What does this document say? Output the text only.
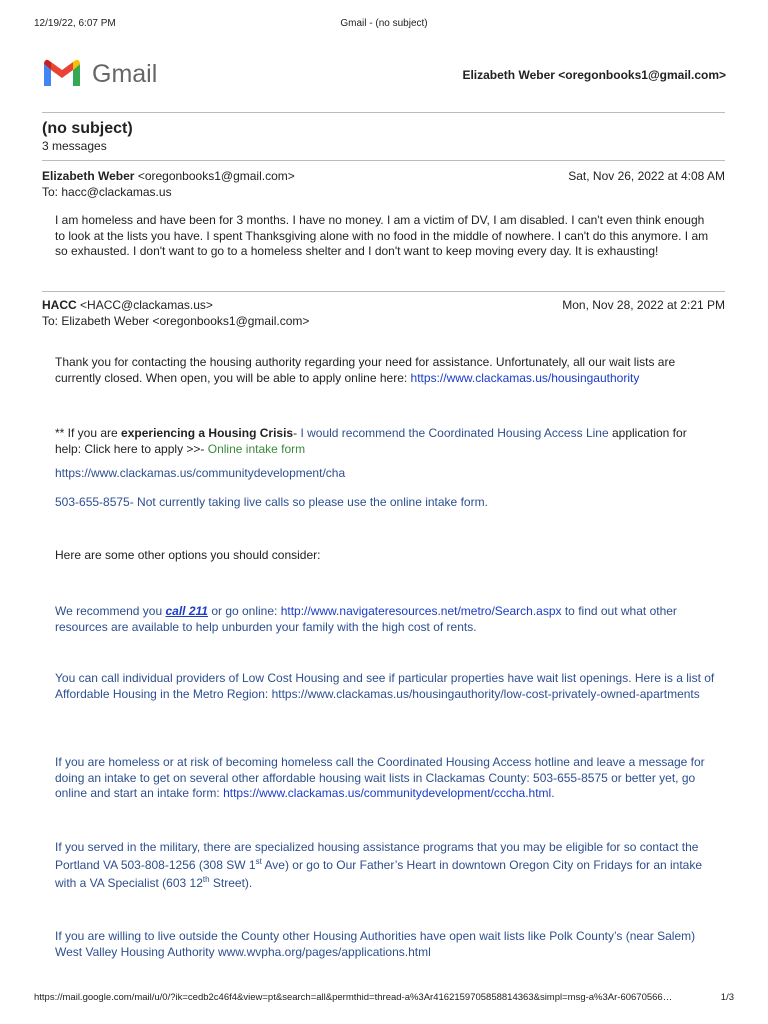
12/19/22, 6:07 PM	Gmail - (no subject)
Gmail	Elizabeth Weber <oregonbooks1@gmail.com>
(no subject)
3 messages
Elizabeth Weber <oregonbooks1@gmail.com>	Sat, Nov 26, 2022 at 4:08 AM
To: hacc@clackamas.us
I am homeless and have been for 3 months. I have no money. I am a victim of DV, I am disabled. I can't even think enough to look at the lists you have. I spent Thanksgiving alone with no food in the middle of nowhere. I can't do this anymore. I am so exhausted. I don't want to go to a homeless shelter and I don't want to keep moving every day. It is exhausting!
HACC <HACC@clackamas.us>	Mon, Nov 28, 2022 at 2:21 PM
To: Elizabeth Weber <oregonbooks1@gmail.com>
Thank you for contacting the housing authority regarding your need for assistance. Unfortunately, all our wait lists are currently closed. When open, you will be able to apply online here: https://www.clackamas.us/housingauthority
** If you are experiencing a Housing Crisis- I would recommend the Coordinated Housing Access Line application for help: Click here to apply >>- Online intake form
https://www.clackamas.us/communitydevelopment/cha
503-655-8575- Not currently taking live calls so please use the online intake form.
Here are some other options you should consider:
We recommend you call 211 or go online: http://www.navigateresources.net/metro/Search.aspx to find out what other resources are available to help unburden your family with the high cost of rents.
You can call individual providers of Low Cost Housing and see if particular properties have wait list openings. Here is a list of Affordable Housing in the Metro Region: https://www.clackamas.us/housingauthority/low-cost-privately-owned-apartments
If you are homeless or at risk of becoming homeless call the Coordinated Housing Access hotline and leave a message for doing an intake to get on several other affordable housing wait lists in Clackamas County: 503-655-8575 or better yet, go online and start an intake form: https://www.clackamas.us/communitydevelopment/cccha.html.
If you served in the military, there are specialized housing assistance programs that you may be eligible for so contact the Portland VA 503-808-1256 (308 SW 1st Ave) or go to Our Father’s Heart in downtown Oregon City on Fridays for an intake with a VA Specialist (603 12th Street).
If you are willing to live outside the County other Housing Authorities have open wait lists like Polk County’s (near Salem) West Valley Housing Authority www.wvpha.org/pages/applications.html
https://mail.google.com/mail/u/0/?ik=cedb2c46f4&view=pt&search=all&permthid=thread-a%3Ar4162159705858814363&simpl=msg-a%3Ar-60670566…	1/3
